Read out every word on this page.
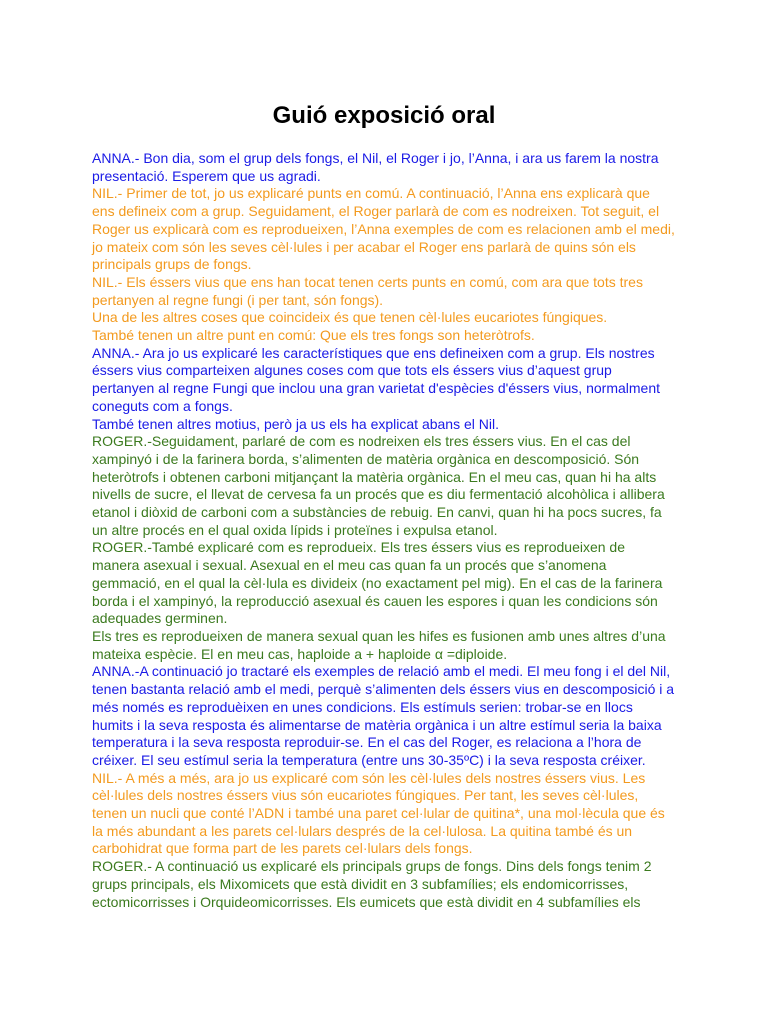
Guió exposició oral

ANNA.- Bon dia, som el grup dels fongs, el Nil, el Roger i jo, l’Anna, i ara us farem la nostra presentació. Esperem que us agradi.

NIL.- Primer de tot, jo us explicaré punts en comú. A continuació, l’Anna ens explicarà que ens defineix com a grup. Seguidament, el Roger parlarà de com es nodreixen. Tot seguit, el Roger us explicarà com es reprodueixen, l’Anna exemples de com es relacionen amb el medi, jo mateix com són les seves cèl·lules i per acabar el Roger ens parlarà de quins són els principals grups de fongs.

NIL.- Els éssers vius que ens han tocat tenen certs punts en comú, com ara que tots tres pertanyen al regne fungi (i per tant, són fongs).

Una de les altres coses que coincideix és que tenen cèl·lules eucariotes fúngiques.

També tenen un altre punt en comú: Que els tres fongs son heteròtrofs.

ANNA.- Ara jo us explicaré les característiques que ens defineixen com a grup. Els nostres éssers vius comparteixen algunes coses com que tots els éssers vius d’aquest grup pertanyen al regne Fungi que inclou una gran varietat d'espècies d'éssers vius, normalment coneguts com a fongs.

També tenen altres motius, però ja us els ha explicat abans el Nil.

ROGER.-Seguidament, parlaré de com es nodreixen els tres éssers vius. En el cas del xampinyó i de la farinera borda, s’alimenten de matèria orgànica en descomposició. Són heteròtrofs i obtenen carboni mitjançant la matèria orgànica. En el meu cas, quan hi ha alts nivells de sucre, el llevat de cervesa fa un procés que es diu fermentació alcohòlica i allibera etanol i diòxid de carboni com a substàncies de rebuig. En canvi, quan hi ha pocs sucres, fa un altre procés en el qual oxida lípids i proteïnes i expulsa etanol.

ROGER.-També explicaré com es reprodueix. Els tres éssers vius es reprodueixen de manera asexual i sexual. Asexual en el meu cas quan fa un procés que s’anomena gemmació, en el qual la cèl·lula es divideix (no exactament pel mig). En el cas de la farinera borda i el xampinyó, la reproducció asexual és cauen les espores i quan les condicions són adequades germinen.

Els tres es reprodueixen de manera sexual quan les hifes es fusionen amb unes altres d’una mateixa espècie. El en meu cas, haploide a + haploide α =diploide.

ANNA.-A continuació jo tractaré els exemples de relació amb el medi. El meu fong i el del Nil, tenen bastanta relació amb el medi, perquè s’alimenten dels éssers vius en descomposició i a més només es reproduèixen en unes condicions. Els estímuls serien: trobar-se en llocs humits i la seva resposta és alimentarse de matèria orgànica i un altre estímul seria la baixa temperatura i la seva resposta reproduir-se. En el cas del Roger, es relaciona a l’hora de créixer. El seu estímul seria la temperatura (entre uns 30-35ºC) i la seva resposta créixer.

NIL.- A més a més, ara jo us explicaré com són les cèl·lules dels nostres éssers vius. Les cèl·lules dels nostres éssers vius són eucariotes fúngiques. Per tant, les seves cèl·lules, tenen un nucli que conté l’ADN i també una paret cel·lular de quitina*, una mol·lècula que és la més abundant a les parets cel·lulars després de la cel·lulosa. La quitina també és un carbohidrat que forma part de les parets cel·lulars dels fongs.

ROGER.- A continuació us explicaré els principals grups de fongs. Dins dels fongs tenim 2 grups principals, els Mixomicets que està dividit en 3 subfamílies; els endomicorrisses, ectomicorrisses i Orquideomicorrisses. Els eumicets que està dividit en 4 subfamílies els
